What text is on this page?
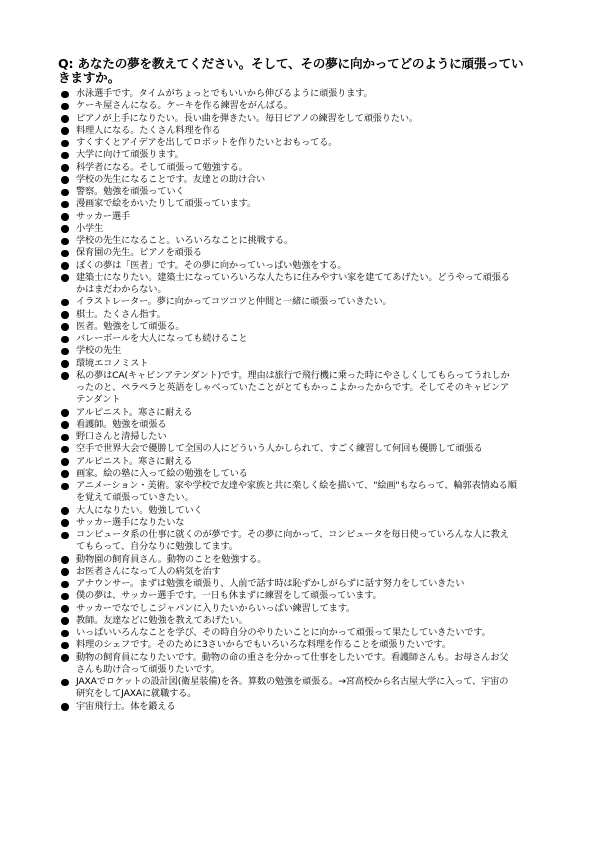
Q: あなたの夢を教えてください。そして、その夢に向かってどのように頑張っていきますか。
水泳選手です。タイムがちょっとでもいいから伸びるように頑張ります。
ケーキ屋さんになる。ケーキを作る練習をがんばる。
ピアノが上手になりたい。長い曲を弾きたい。毎日ピアノの練習をして頑張りたい。
料理人になる。たくさん料理を作る
すくすくとアイデアを出してロボットを作りたいとおもってる。
大学に向けて頑張ります。
科学者になる。そして頑張って勉強する。
学校の先生になることです。友達との助け合い
警察。勉強を頑張っていく
漫画家で絵をかいたりして頑張っています。
サッカー選手
小学生
学校の先生になること。いろいろなことに挑戦する。
保育園の先生。ピアノを頑張る
ぼくの夢は「医者」です。その夢に向かっていっぱい勉強をする。
建築士になりたい。建築士になっていろいろな人たちに住みやすい家を建ててあげたい。どうやって頑張るかはまだわからない。
イラストレーター。夢に向かってコツコツと仲間と一緒に頑張っていきたい。
棋士。たくさん指す。
医者。勉強をして頑張る。
バレーボールを大人になっても続けること
学校の先生
環境エコノミスト
私の夢はCA(キャビンアテンダント)です。理由は旅行で飛行機に乗った時にやさしくしてもらってうれしかったのと、ペラペラと英語をしゃべっていたことがとてもかっこよかったからです。そしてそのキャビンアテンダント
アルピニスト。寒さに耐える
看護師。勉強を頑張る
野口さんと清掃したい
空手で世界大会で優勝して全国の人にどういう人かしられて、すごく練習して何回も優勝して頑張る
アルピニスト。寒さに耐える
画家。絵の塾に入って絵の勉強をしている
アニメーション・美術。家や学校で友達や家族と共に楽しく絵を描いて、"絵画"もならって、輪郭表情ぬる順を覚えて頑張っていきたい。
大人になりたい。勉強していく
サッカー選手になりたいな
コンピュータ系の仕事に就くのが夢です。その夢に向かって、コンピュータを毎日使っていろんな人に教えてもらって、自分なりに勉強してます。
動物園の飼育員さん。動物のことを勉強する。
お医者さんになって人の病気を治す
アナウンサー。まずは勉強を頑張り、人前で話す時は恥ずかしがらずに話す努力をしていきたい
僕の夢は、サッカー選手です。一日も休まずに練習をして頑張っています。
サッカーでなでしこジャパンに入りたいからいっぱい練習してます。
教師。友達などに勉強を教えてあげたい。
いっぱいいろんなことを学び、その時自分のやりたいことに向かって頑張って果たしていきたいです。
料理のシェフです。そのために3さいからでもいろいろな料理を作ることを頑張りたいです。
動物の飼育員になりたいです。動物の命の重さを分かって仕事をしたいです。看護師さんも。お母さんお父さんも助け合って頑張りたいです。
JAXAでロケットの設計図(衛星装備)を各。算数の勉強を頑張る。→宮高校から名古屋大学に入って、宇宙の研究をしてJAXAに就職する。
宇宙飛行士。体を鍛える
